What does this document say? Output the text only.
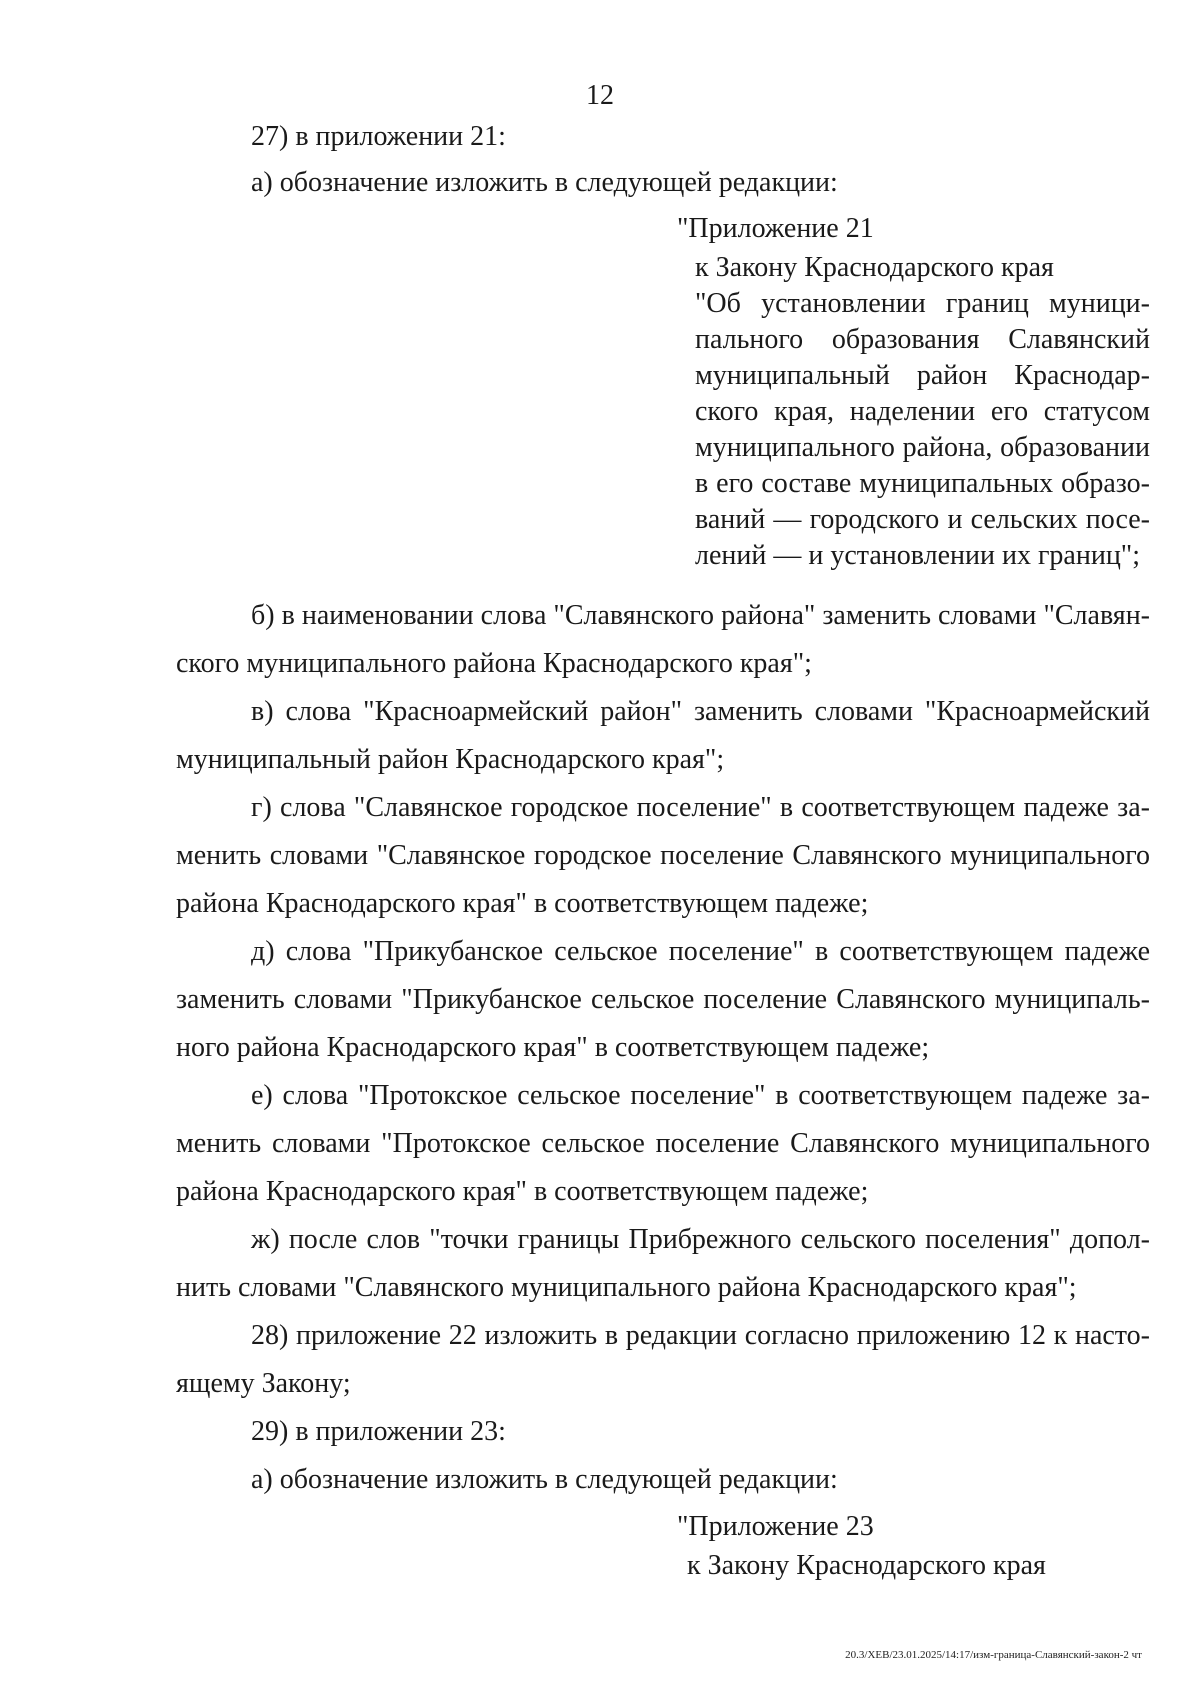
12
27) в приложении 21:
а) обозначение изложить в следующей редакции:
"Приложение 21
к Закону Краснодарского края
"Об установлении границ муници-
пального образования Славянский
муниципальный район Краснодар-
ского края, наделении его статусом
муниципального района, образовании
в его составе муниципальных образо-
ваний — городского и сельских посе-
лений — и установлении их границ";
б) в наименовании слова "Славянского района" заменить словами "Славян-
ского муниципального района Краснодарского края";
в) слова "Красноармейский район" заменить словами "Красноармейский
муниципальный район Краснодарского края";
г) слова "Славянское городское поселение" в соответствующем падеже за-
менить словами "Славянское городское поселение Славянского муниципального
района Краснодарского края" в соответствующем падеже;
д) слова "Прикубанское сельское поселение" в соответствующем падеже
заменить словами "Прикубанское сельское поселение Славянского муниципаль-
ного района Краснодарского края" в соответствующем падеже;
е) слова "Протокское сельское поселение" в соответствующем падеже за-
менить словами "Протокское сельское поселение Славянского муниципального
района Краснодарского края" в соответствующем падеже;
ж) после слов "точки границы Прибрежного сельского поселения" допол-
нить словами "Славянского муниципального района Краснодарского края";
28) приложение 22 изложить в редакции согласно приложению 12 к насто-
ящему Закону;
29) в приложении 23:
а) обозначение изложить в следующей редакции:
"Приложение 23
к Закону Краснодарского края
20.3/ХЕВ/23.01.2025/14:17/изм-граница-Славянский-закон-2 чт
